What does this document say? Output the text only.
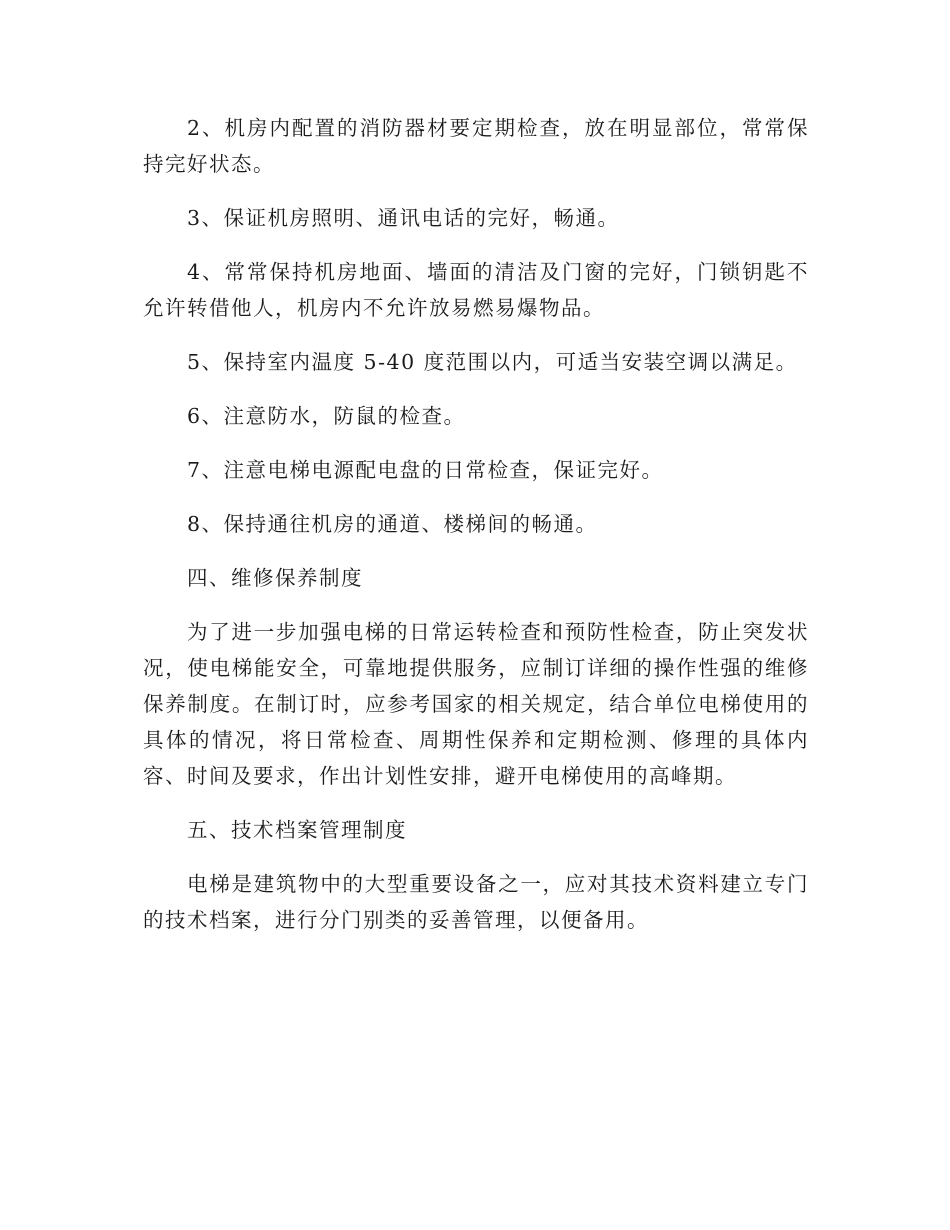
2、机房内配置的消防器材要定期检查，放在明显部位，常常保持完好状态。

3、保证机房照明、通讯电话的完好，畅通。

4、常常保持机房地面、墙面的清洁及门窗的完好，门锁钥匙不允许转借他人，机房内不允许放易燃易爆物品。

5、保持室内温度 5-40 度范围以内，可适当安装空调以满足。

6、注意防水，防鼠的检查。

7、注意电梯电源配电盘的日常检查，保证完好。

8、保持通往机房的通道、楼梯间的畅通。

四、维修保养制度

为了进一步加强电梯的日常运转检查和预防性检查，防止突发状况，使电梯能安全，可靠地提供服务，应制订详细的操作性强的维修保养制度。在制订时，应参考国家的相关规定，结合单位电梯使用的具体的情况，将日常检查、周期性保养和定期检测、修理的具体内容、时间及要求，作出计划性安排，避开电梯使用的高峰期。

五、技术档案管理制度

电梯是建筑物中的大型重要设备之一，应对其技术资料建立专门的技术档案，进行分门别类的妥善管理，以便备用。
